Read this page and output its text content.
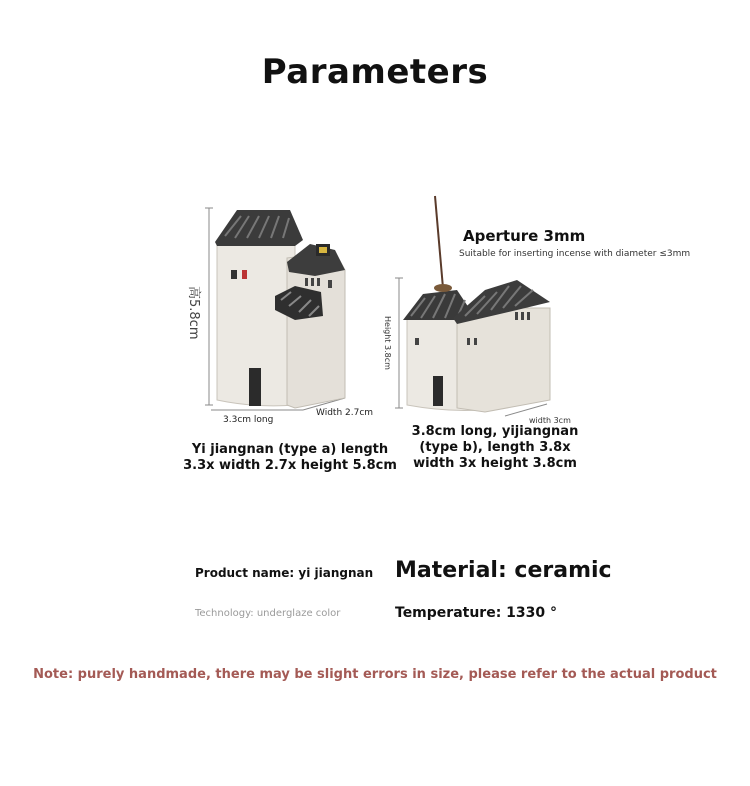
Parameters
高5.8cm
3.3cm long
Width 2.7cm
Yi jiangnan (type a) length
3.3x width 2.7x height 5.8cm
Aperture 3mm
Suitable for inserting incense with diameter ≤3mm
Height 3.8cm
width 3cm
3.8cm long, yijiangnan
(type b), length 3.8x
width 3x height 3.8cm
Product name: yi jiangnan Material: ceramic
Technology: underglaze color	Temperature: 1330 °
Note: purely handmade, there may be slight errors in size, please refer to the actual product
